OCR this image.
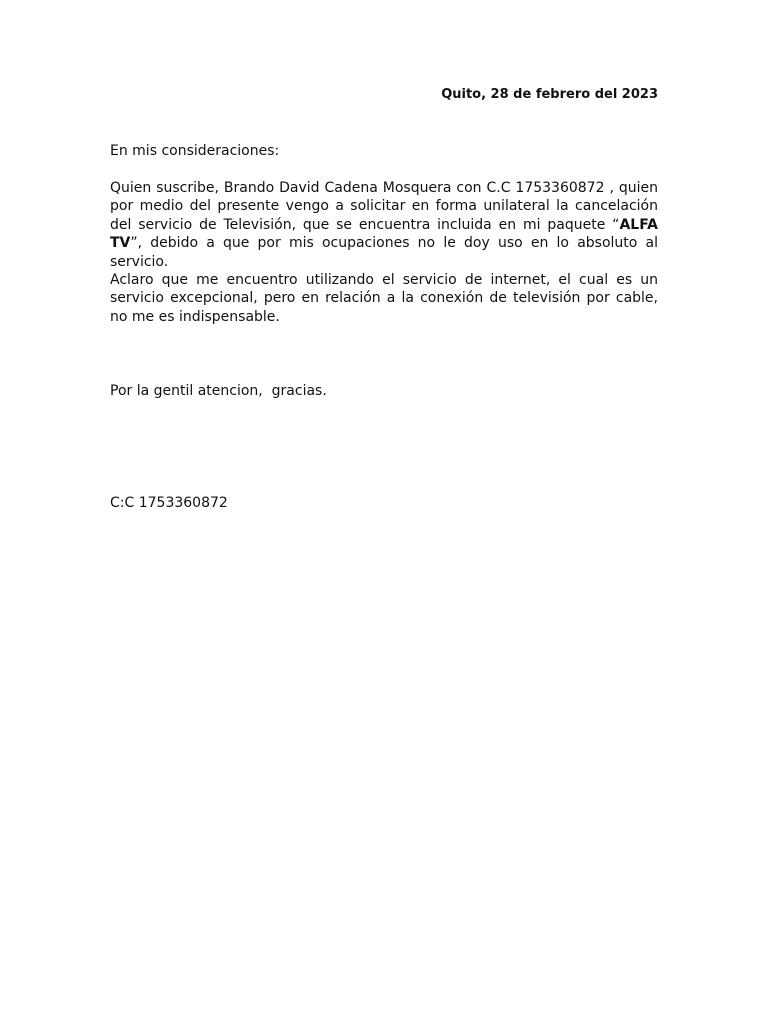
Quito, 28 de febrero del 2023

En mis consideraciones:

Quien suscribe, Brando David Cadena Mosquera con C.C 1753360872 , quien por medio del presente vengo a solicitar en forma unilateral la cancelación del servicio de Televisión, que se encuentra incluida en mi paquete “ALFA TV”, debido a que por mis ocupaciones no le doy uso en lo absoluto al servicio.

Aclaro que me encuentro utilizando el servicio de internet, el cual es un servicio excepcional, pero en relación a la conexión de televisión por cable, no me es indispensable.

Por la gentil atencion,  gracias.

C:C 1753360872
